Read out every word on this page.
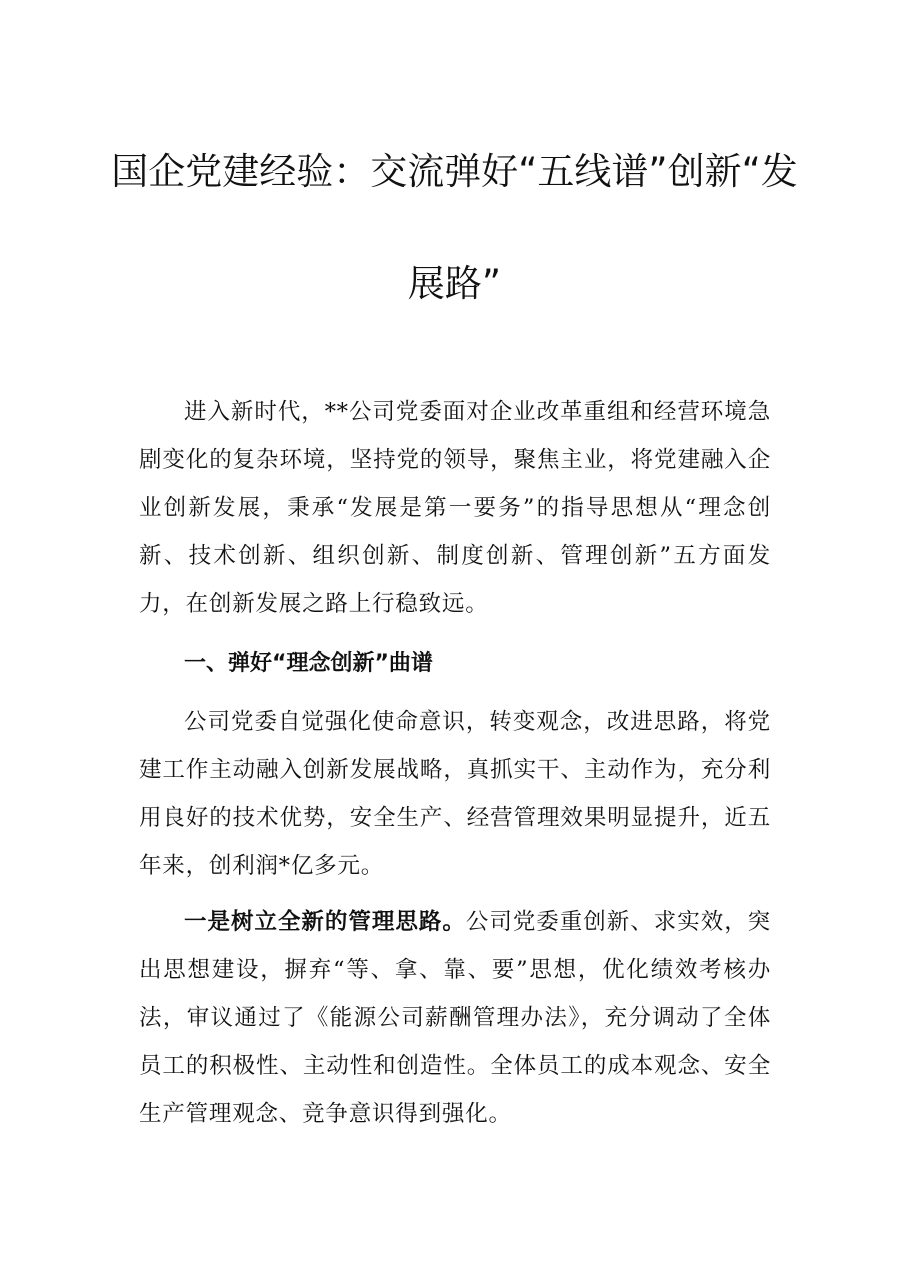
国企党建经验：交流弹好“五线谱”创新“发
展路”

进入新时代，**公司党委面对企业改革重组和经营环境急剧变化的复杂环境，坚持党的领导，聚焦主业，将党建融入企业创新发展，秉承“发展是第一要务”的指导思想从“理念创新、技术创新、组织创新、制度创新、管理创新”五方面发力，在创新发展之路上行稳致远。

一、弹好“理念创新”曲谱

公司党委自觉强化使命意识，转变观念，改进思路，将党建工作主动融入创新发展战略，真抓实干、主动作为，充分利用良好的技术优势，安全生产、经营管理效果明显提升，近五年来，创利润*亿多元。

一是树立全新的管理思路。公司党委重创新、求实效，突出思想建设，摒弃“等、拿、靠、要”思想，优化绩效考核办法，审议通过了《能源公司薪酬管理办法》，充分调动了全体员工的积极性、主动性和创造性。全体员工的成本观念、安全生产管理观念、竞争意识得到强化。
